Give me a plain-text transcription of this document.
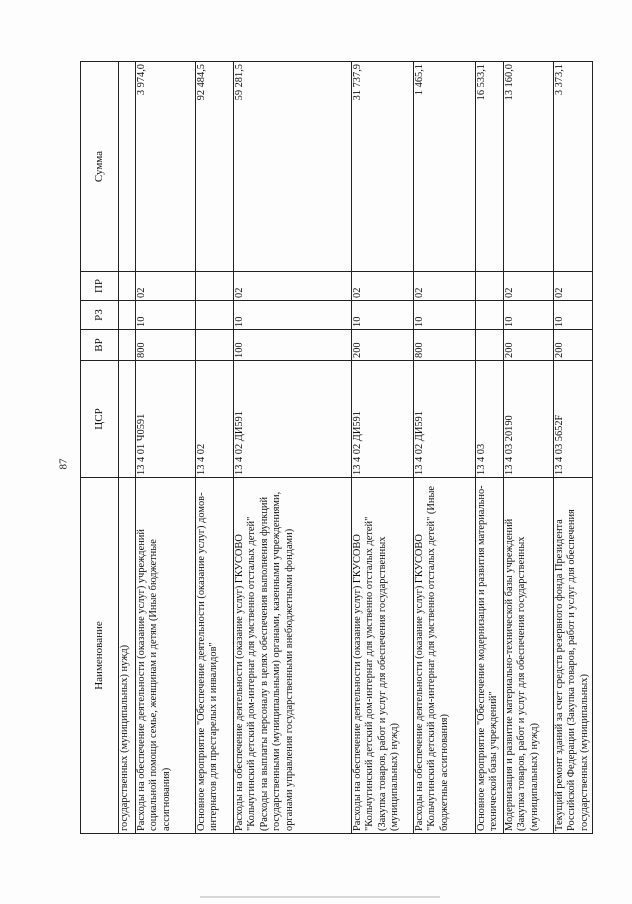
87
Наименование	ЦСР	ВР	РЗ	ПР	Сумма
государственных (муниципальных) нужд)					
Расходы на обеспечение деятельности (оказание услуг) учреждений социальной помощи семье, женщинам и детям (Иные бюджетные ассигнования)	13 4 01 Ч0591	800	10	02	3 974,0
Основное мероприятие "Обеспечение деятельности (оказание услуг) домов-интернатов для престарелых и инвалидов"	13 4 02				92 484,5
Расходы на обеспечение деятельности (оказание услуг) ГКУСОВО "Кольчугинский детский дом-интернат для умственно отсталых детей" (Расходы на выплаты персоналу в целях обеспечения выполнения функций государственными (муниципальными) органами, казенными учреждениями, органами управления государственными внебюджетными фондами)	13 4 02 ДИ591	100	10	02	59 281,5
Расходы на обеспечение деятельности (оказание услуг) ГКУСОВО "Кольчугинский детский дом-интернат для умственно отсталых детей" (Закупка товаров, работ и услуг для обеспечения государственных (муниципальных) нужд)	13 4 02 ДИ591	200	10	02	31 737,9
Расходы на обеспечение деятельности (оказание услуг) ГКУСОВО "Кольчугинский детский дом-интернат для умственно отсталых детей" (Иные бюджетные ассигнования)	13 4 02 ДИ591	800	10	02	1 465,1
Основное мероприятие "Обеспечение модернизации и развития материально-технической базы учреждений"	13 4 03				16 533,1
Модернизация и развитие материально-технической базы учреждений (Закупка товаров, работ и услуг для обеспечения государственных (муниципальных) нужд)	13 4 03 20190	200	10	02	13 160,0
Текущий ремонт зданий за счет средств резервного фонда Президента Российской Федерации (Закупка товаров, работ и услуг для обеспечения государственных (муниципальных)	13 4 03 5652F	200	10	02	3 373,1
